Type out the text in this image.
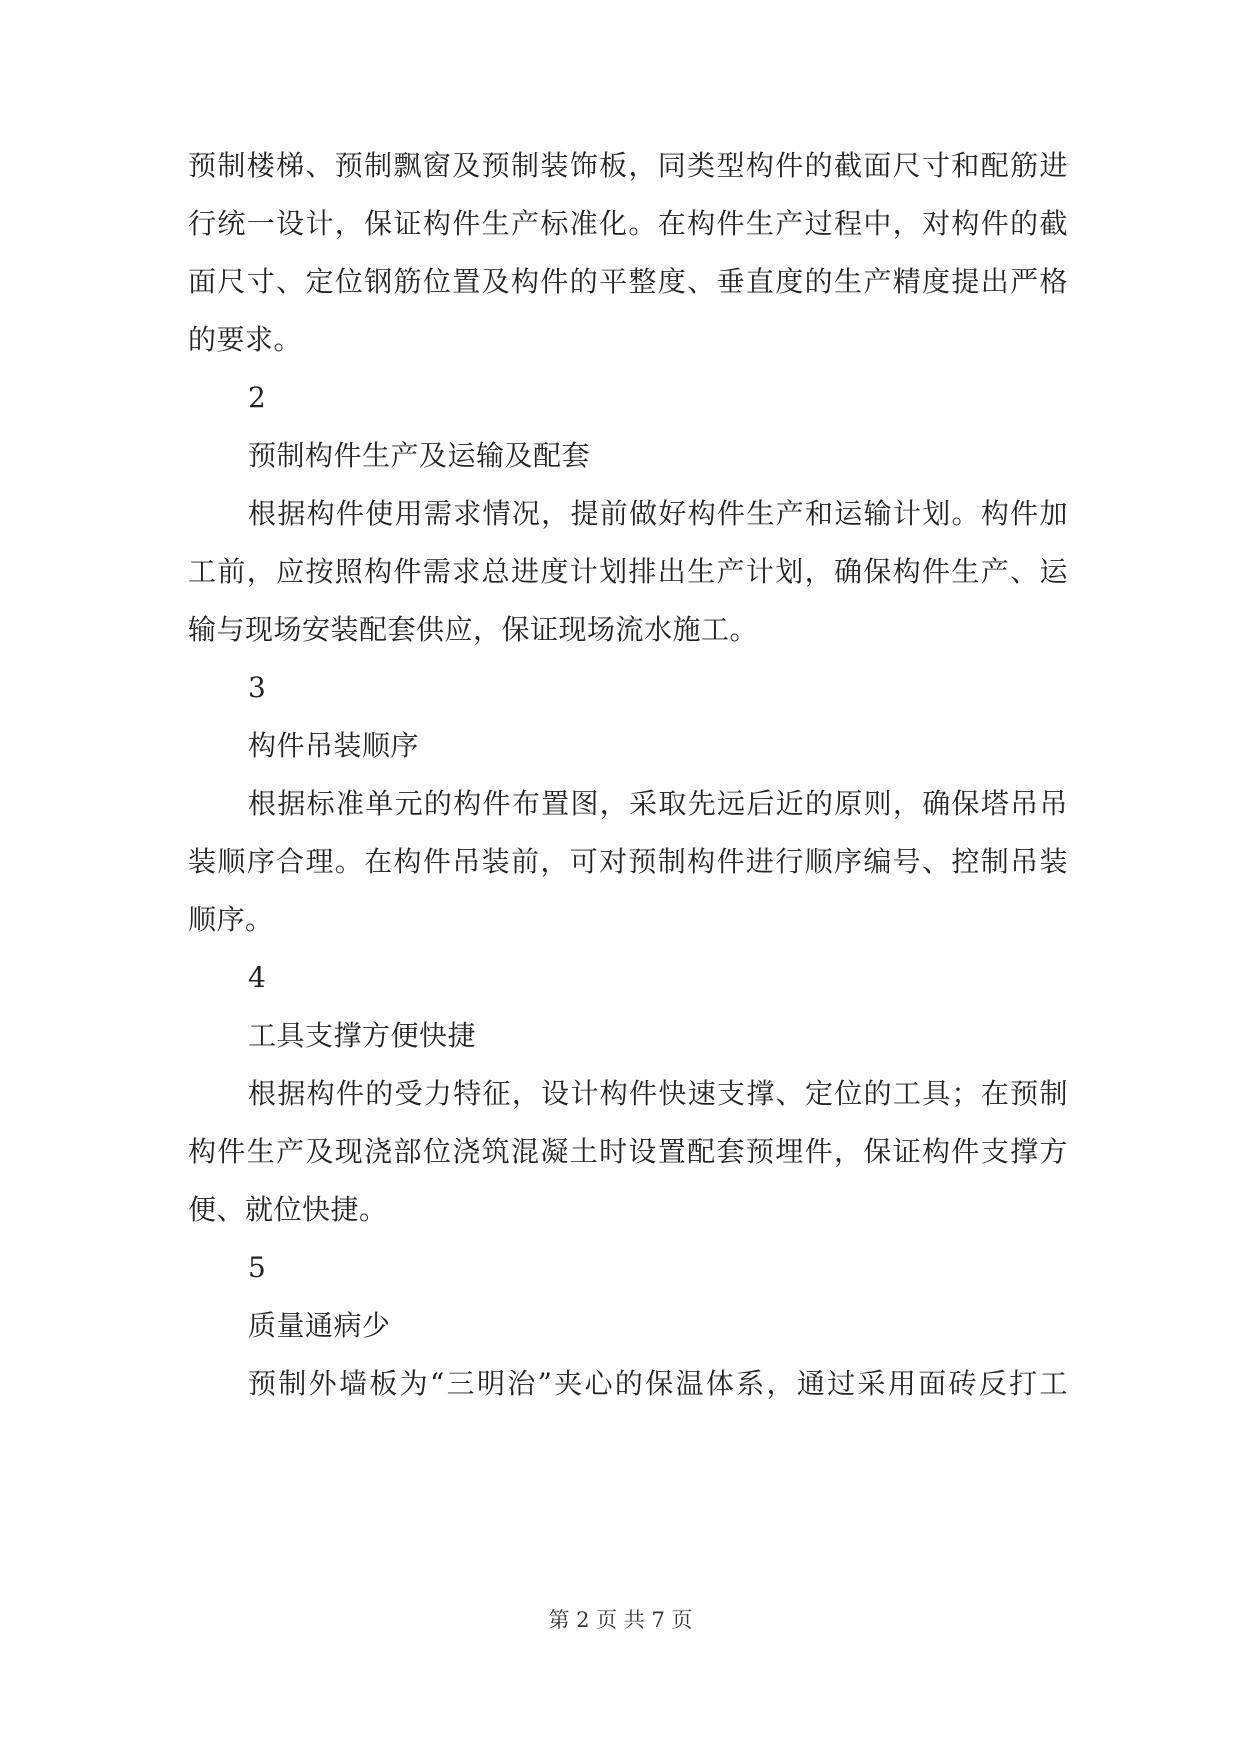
预制楼梯、预制飘窗及预制装饰板，同类型构件的截面尺寸和配筋进
行统一设计，保证构件生产标准化。在构件生产过程中，对构件的截
面尺寸、定位钢筋位置及构件的平整度、垂直度的生产精度提出严格
的要求。
2
预制构件生产及运输及配套
根据构件使用需求情况，提前做好构件生产和运输计划。构件加
工前，应按照构件需求总进度计划排出生产计划，确保构件生产、运
输与现场安装配套供应，保证现场流水施工。
3
构件吊装顺序
根据标准单元的构件布置图，采取先远后近的原则，确保塔吊吊
装顺序合理。在构件吊装前，可对预制构件进行顺序编号、控制吊装
顺序。
4
工具支撑方便快捷
根据构件的受力特征，设计构件快速支撑、定位的工具；在预制
构件生产及现浇部位浇筑混凝土时设置配套预埋件，保证构件支撑方
便、就位快捷。
5
质量通病少
预制外墙板为“三明治”夹心的保温体系，通过采用面砖反打工
第 2 页 共 7 页
